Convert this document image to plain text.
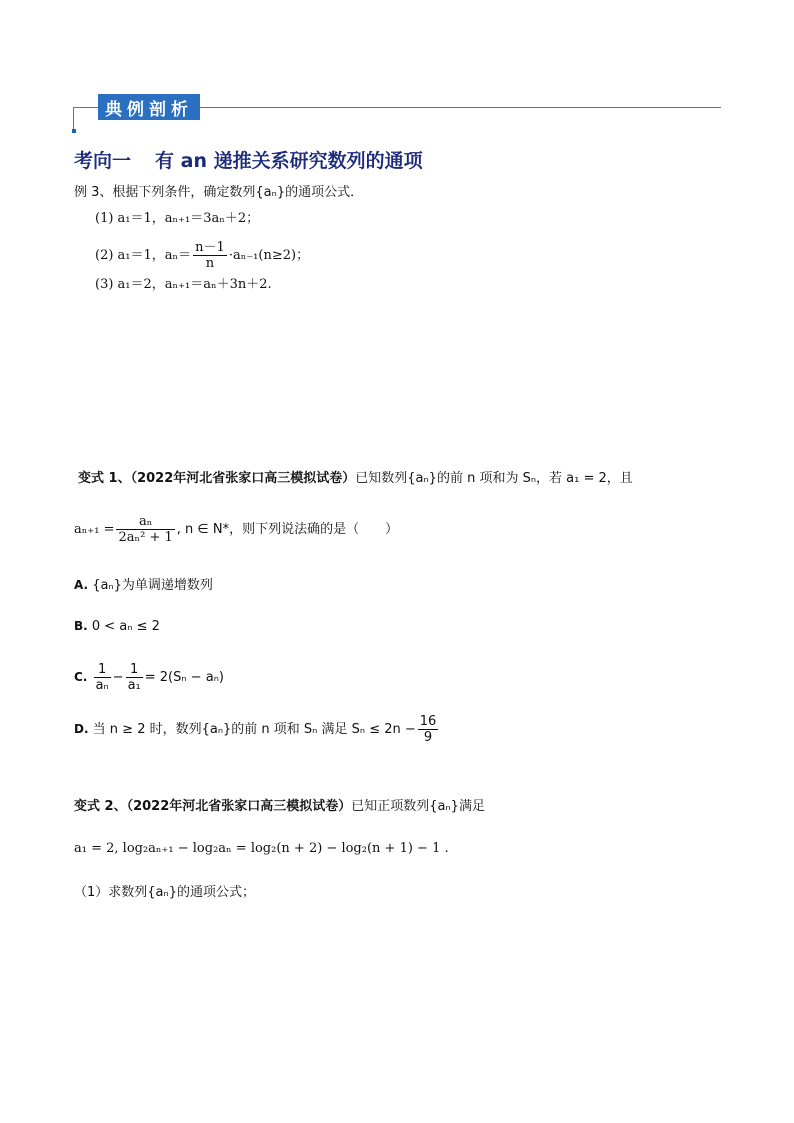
典例剖析
考向一 有 an 递推关系研究数列的通项
例 3、根据下列条件，确定数列{aₙ}的通项公式．
(1) a₁＝1，aₙ₊₁＝3aₙ＋2；
(2) a₁＝1，$a_n= \frac{n-1}{n} \cdot a_{n-1}(n\ge 2)$；
(3) a₁＝2，aₙ₊₁＝aₙ＋3n＋2.
变式 1、（2022年河北省张家口高三模拟试卷）已知数列{aₙ}的前 n 项和为 Sₙ，若 a₁ = 2，且
$a_{n+1} = \frac{\text{aₙ}}{\text{2aₙ² + 1}}$ , n ∈ N*，则下列说法确的是（　　）
A. {aₙ}为单调递增数列
B. 0 < aₙ ≤ 2
C. $\frac{1}{\text{aₙ}} - \frac{1}{\text{a₁}} = 2(S_n - a_n)$
D. 当 n ≥ 2 时，数列{aₙ}的前 n 项和 Sₙ 满足 $S_n \le 2n - \frac{16}{9}$
变式 2、（2022年河北省张家口高三模拟试卷）已知正项数列{aₙ}满足
a₁ = 2, log₂aₙ₊₁ − log₂aₙ = log₂(n + 2) − log₂(n + 1) − 1 .
（1）求数列{aₙ}的通项公式；
